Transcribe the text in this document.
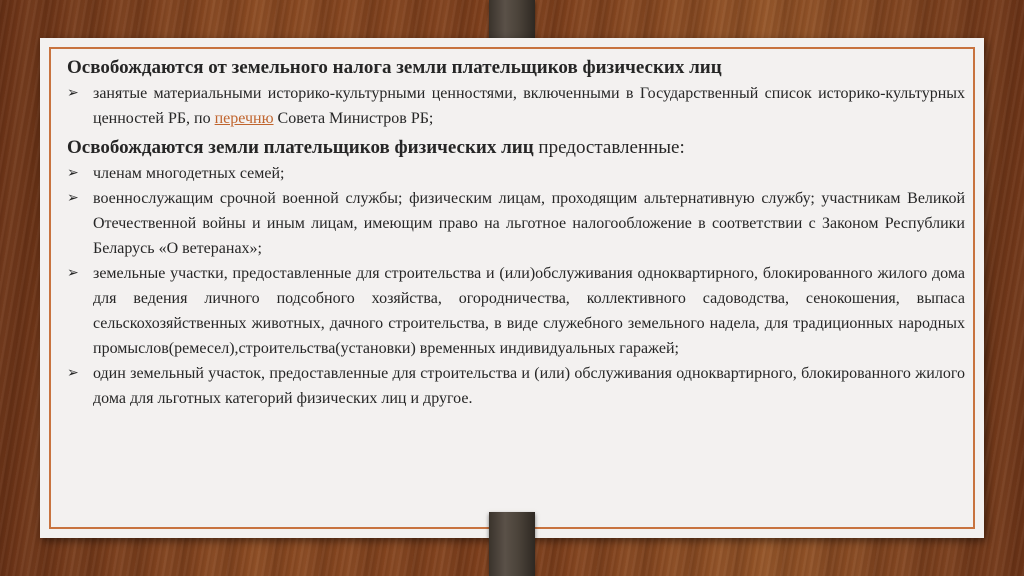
Освобождаются от земельного налога земли плательщиков физических лиц

➢ занятые материальными историко-культурными ценностями, включенными в Государственный список историко-культурных ценностей РБ, по перечню Совета Министров РБ;

Освобождаются земли плательщиков физических лиц предоставленные:

➢ членам многодетных семей;

➢ военнослужащим срочной военной службы; физическим лицам, проходящим альтернативную службу; участникам Великой Отечественной войны и иным лицам, имеющим право на льготное налогообложение в соответствии с Законом Республики Беларусь «О ветеранах»;

➢ земельные участки, предоставленные для строительства и (или)обслуживания одноквартирного, блокированного жилого дома для ведения личного подсобного хозяйства, огородничества, коллективного садоводства, сенокошения, выпаса сельскохозяйственных животных, дачного строительства, в виде служебного земельного надела, для традиционных народных промыслов(ремесел),строительства(установки) временных индивидуальных гаражей;

➢ один земельный участок, предоставленные для строительства и (или) обслуживания одноквартирного, блокированного жилого дома для льготных категорий физических лиц и другое.
